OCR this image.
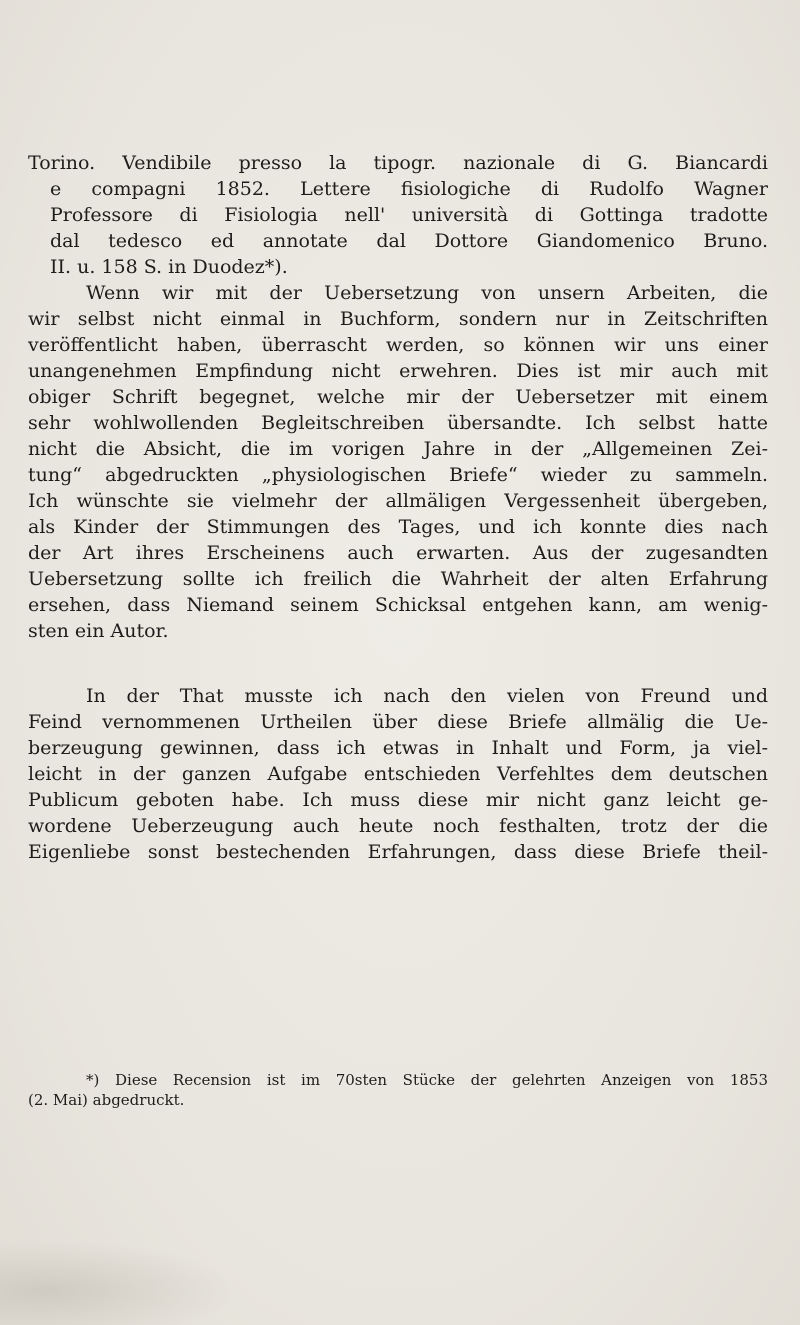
Torino. Vendibile presso la tipogr. nazionale di G. Biancardi
e compagni 1852. Lettere fisiologiche di Rudolfo Wagner
Professore di Fisiologia nell' università di Gottinga tradotte
dal tedesco ed annotate dal Dottore Giandomenico Bruno.
II. u. 158 S. in Duodez*).
Wenn wir mit der Uebersetzung von unsern Arbeiten, die
wir selbst nicht einmal in Buchform, sondern nur in Zeitschriften
veröffentlicht haben, überrascht werden, so können wir uns einer
unangenehmen Empfindung nicht erwehren. Dies ist mir auch mit
obiger Schrift begegnet, welche mir der Uebersetzer mit einem
sehr wohlwollenden Begleitschreiben übersandte. Ich selbst hatte
nicht die Absicht, die im vorigen Jahre in der „Allgemeinen Zei-
tung“ abgedruckten „physiologischen Briefe“ wieder zu sammeln.
Ich wünschte sie vielmehr der allmäligen Vergessenheit übergeben,
als Kinder der Stimmungen des Tages, und ich konnte dies nach
der Art ihres Erscheinens auch erwarten. Aus der zugesandten
Uebersetzung sollte ich freilich die Wahrheit der alten Erfahrung
ersehen, dass Niemand seinem Schicksal entgehen kann, am wenig-
sten ein Autor.
In der That musste ich nach den vielen von Freund und
Feind vernommenen Urtheilen über diese Briefe allmälig die Ue-
berzeugung gewinnen, dass ich etwas in Inhalt und Form, ja viel-
leicht in der ganzen Aufgabe entschieden Verfehltes dem deutschen
Publicum geboten habe. Ich muss diese mir nicht ganz leicht ge-
wordene Ueberzeugung auch heute noch festhalten, trotz der die
Eigenliebe sonst bestechenden Erfahrungen, dass diese Briefe theil-
*) Diese Recension ist im 70sten Stücke der gelehrten Anzeigen von 1853
(2. Mai) abgedruckt.
